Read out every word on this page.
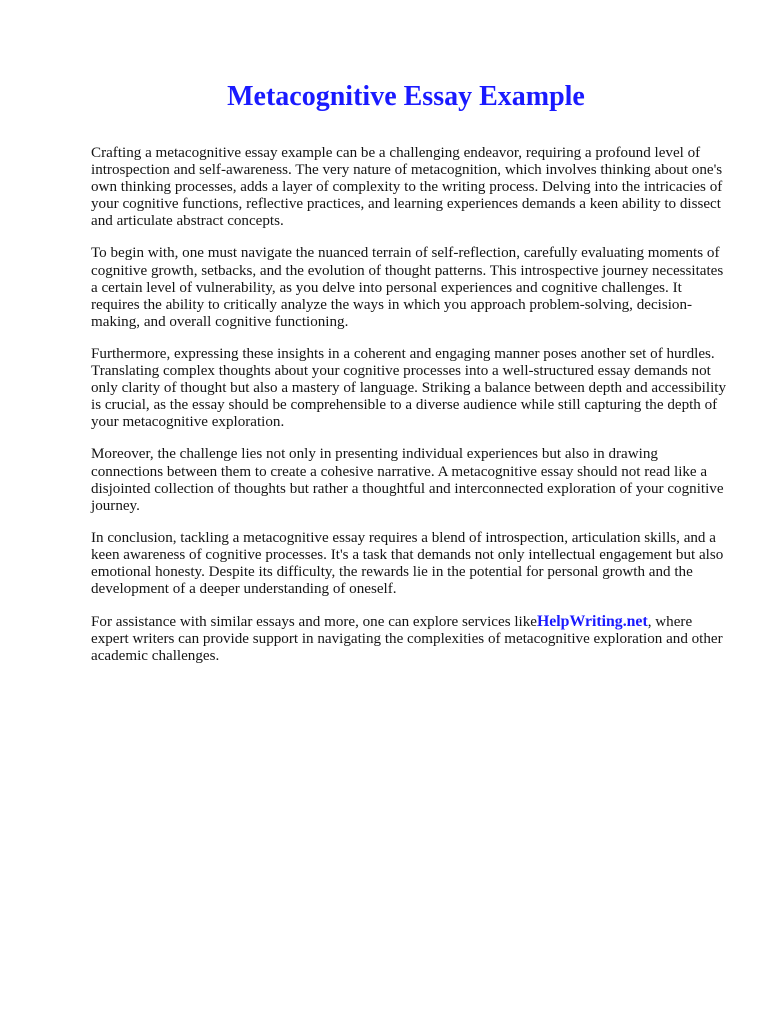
Metacognitive Essay Example

Crafting a metacognitive essay example can be a challenging endeavor, requiring a profound level of introspection and self-awareness. The very nature of metacognition, which involves thinking about one's own thinking processes, adds a layer of complexity to the writing process. Delving into the intricacies of your cognitive functions, reflective practices, and learning experiences demands a keen ability to dissect and articulate abstract concepts.

To begin with, one must navigate the nuanced terrain of self-reflection, carefully evaluating moments of cognitive growth, setbacks, and the evolution of thought patterns. This introspective journey necessitates a certain level of vulnerability, as you delve into personal experiences and cognitive challenges. It requires the ability to critically analyze the ways in which you approach problem-solving, decision-making, and overall cognitive functioning.

Furthermore, expressing these insights in a coherent and engaging manner poses another set of hurdles. Translating complex thoughts about your cognitive processes into a well-structured essay demands not only clarity of thought but also a mastery of language. Striking a balance between depth and accessibility is crucial, as the essay should be comprehensible to a diverse audience while still capturing the depth of your metacognitive exploration.

Moreover, the challenge lies not only in presenting individual experiences but also in drawing connections between them to create a cohesive narrative. A metacognitive essay should not read like a disjointed collection of thoughts but rather a thoughtful and interconnected exploration of your cognitive journey.

In conclusion, tackling a metacognitive essay requires a blend of introspection, articulation skills, and a keen awareness of cognitive processes. It's a task that demands not only intellectual engagement but also emotional honesty. Despite its difficulty, the rewards lie in the potential for personal growth and the development of a deeper understanding of oneself.

For assistance with similar essays and more, one can explore services likeHelpWriting.net, where expert writers can provide support in navigating the complexities of metacognitive exploration and other academic challenges.
